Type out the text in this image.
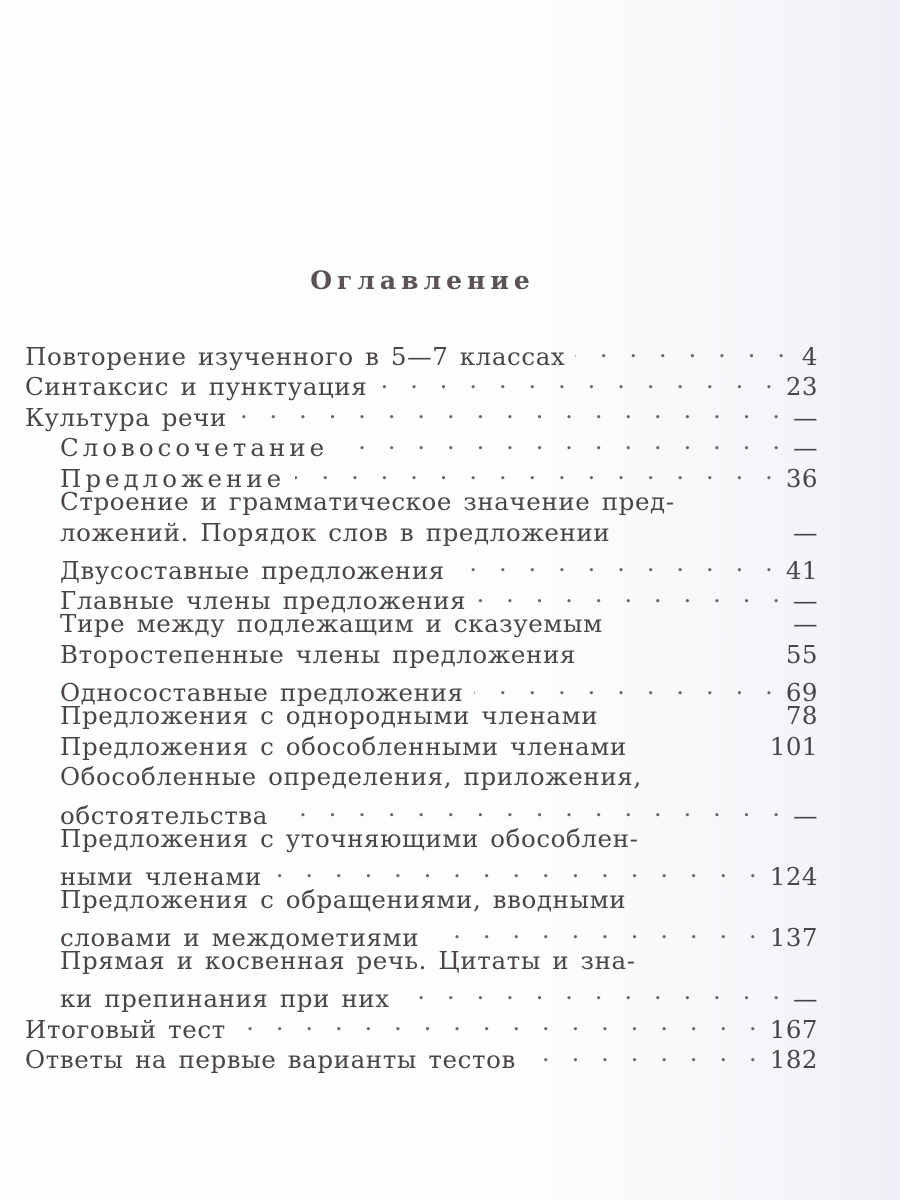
Оглавление
Повторение изученного в 5—7 классах . . .	4
Синтаксис и пунктуация . . .	23
Культура речи . . .	—
Словосочетание . . .	—
Предложение . . .	36
Строение и грамматическое значение пред-
ложений. Порядок слов в предложении	—
Двусоставные предложения . . .	41
Главные члены предложения . . .	—
Тире между подлежащим и сказуемым	—
Второстепенные члены предложения	55
Односоставные предложения . . .	69
Предложения с однородными членами	78
Предложения с обособленными членами	101
Обособленные определения, приложения,
обстоятельства . . .	—
Предложения с уточняющими обособлен-
ными членами . . .	124
Предложения с обращениями, вводными
словами и междометиями . . .	137
Прямая и косвенная речь. Цитаты и зна-
ки препинания при них . . .	—
Итоговый тест . . .	167
Ответы на первые варианты тестов . . .	182
